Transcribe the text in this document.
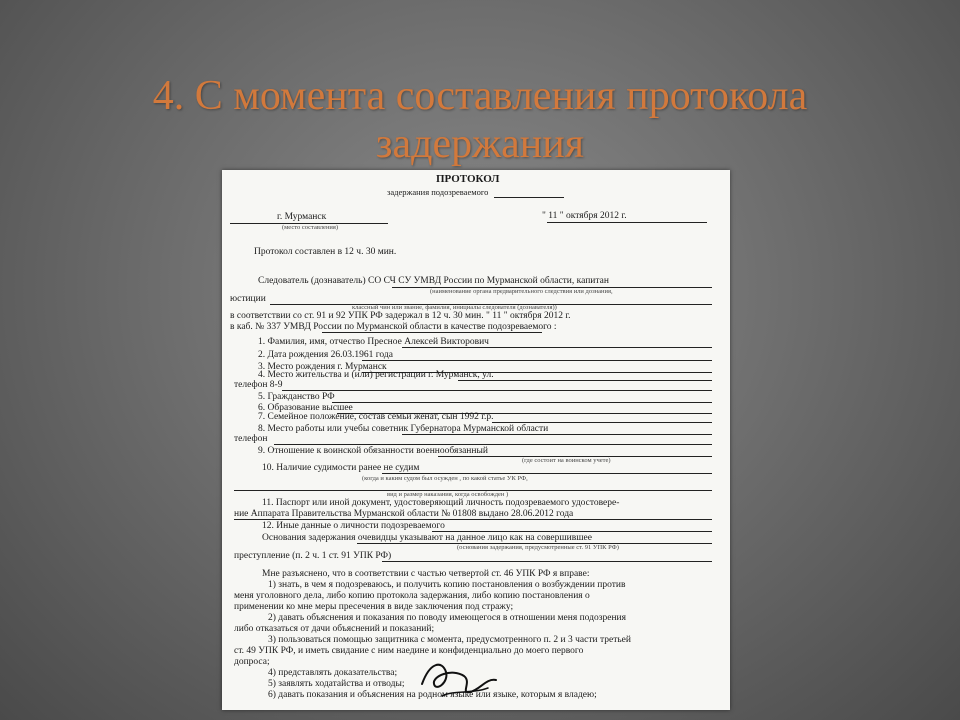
4. С момента составления протокола
задержания
ПРОТОКОЛ
задержания подозреваемого
г. Мурманск
(место составления)
" 11 " октября 2012 г.
Протокол составлен в 12 ч. 30 мин.
Следователь (дознаватель) СО СЧ СУ УМВД России по Мурманской области, капитан
(наименование органа предварительного следствия или дознания,
юстиции
классный чин или звание, фамилия, инициалы следователя (дознавателя))
в соответствии со ст. 91 и 92 УПК РФ задержал в 12 ч. 30 мин. " 11 " октября 2012 г.
в каб. № 337 УМВД России по Мурманской области в качестве подозреваемого :
1. Фамилия, имя, отчество Пресное Алексей Викторович
2. Дата рождения 26.03.1961 года
3. Место рождения г. Мурманск
4. Место жительства и (или) регистрации г. Мурманск, ул.
телефон 8-9
5. Гражданство РФ
6. Образование высшее
7. Семейное положение, состав семьи женат, сын 1992 г.р.
8. Место работы или учебы советник Губернатора Мурманской области
телефон
9. Отношение к воинской обязанности военнообязанный
(где состоит на воинском учете)
10. Наличие судимости ранее не судим
(когда и каким судом был осужден , по какой статье УК РФ,
вид и размер наказания, когда освобожден )
11. Паспорт или иной документ, удостоверяющий личность подозреваемого удостовере-
ние Аппарата Правительства Мурманской области № 01808 выдано 28.06.2012 года
12. Иные данные о личности подозреваемого
Основания задержания очевидцы указывают на данное лицо как на совершившее
(основания задержания, предусмотренные ст. 91 УПК РФ)
преступление (п. 2 ч. 1 ст. 91 УПК РФ)
Мне разъяснено, что в соответствии с частью четвертой ст. 46 УПК РФ я вправе:
1) знать, в чем я подозреваюсь, и получить копию постановления о возбуждении против
меня уголовного дела, либо копию протокола задержания, либо копию постановления о
применении ко мне меры пресечения в виде заключения под стражу;
2) давать объяснения и показания по поводу имеющегося в отношении меня подозрения
либо отказаться от дачи объяснений и показаний;
3) пользоваться помощью защитника с момента, предусмотренного п. 2 и 3 части третьей
ст. 49 УПК РФ, и иметь свидание с ним наедине и конфиденциально до моего первого
допроса;
4) представлять доказательства;
5) заявлять ходатайства и отводы;
6) давать показания и объяснения на родном языке или языке, которым я владею;
